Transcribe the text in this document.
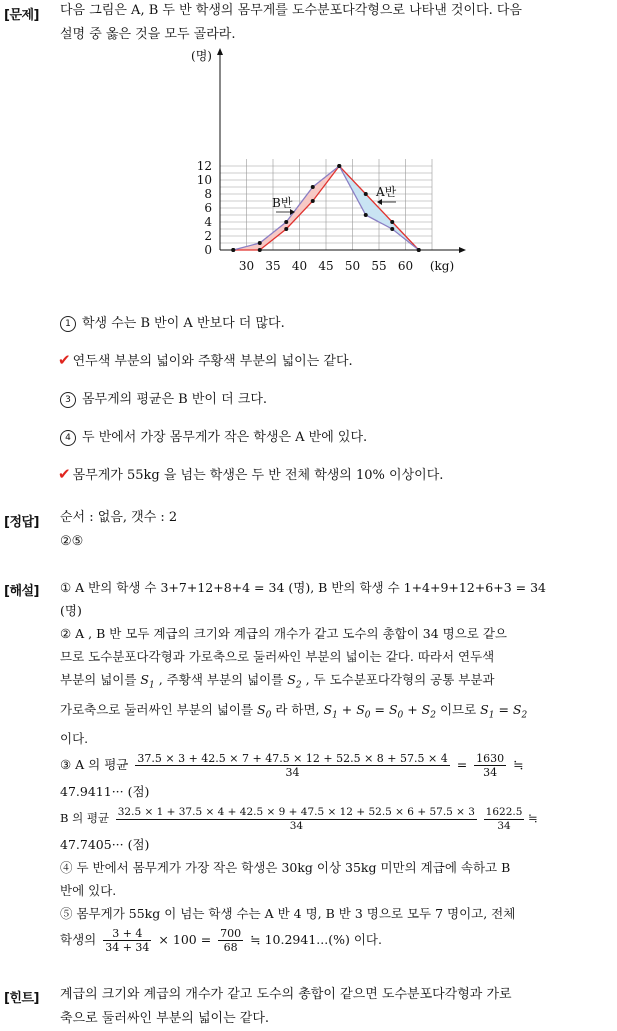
[문제] 다음 그림은 A, B 두 반 학생의 몸무게를 도수분포다각형으로 나타낸 것이다. 다음
설명 중 옳은 것을 모두 골라라.
0
2
4
6
8
10
12
30 35 40 45 50 55 60
(명)
(kg)
B반
A반
1 학생 수는 B 반이 A 반보다 더 많다.
✔ 연두색 부분의 넓이와 주황색 부분의 넓이는 같다.
3 몸무게의 평균은 B 반이 더 크다.
4 두 반에서 가장 몸무게가 작은 학생은 A 반에 있다.
✔ 몸무게가 55kg 을 넘는 학생은 두 반 전체 학생의 10% 이상이다.
[정답] 순서 : 없음, 갯수 : 2
②⑤
[해설] ① A 반의 학생 수 3+7+12+8+4 = 34 (명), B 반의 학생 수 1+4+9+12+6+3 = 34
(명)
② A , B 반 모두 계급의 크기와 계급의 개수가 같고 도수의 총합이 34 명으로 같으
므로 도수분포다각형과 가로축으로 둘러싸인 부분의 넓이는 같다. 따라서 연두색
부분의 넓이를 $S_1$ , 주황색 부분의 넓이를 $S_2$ , 두 도수분포다각형의 공통 부분과
가로축으로 둘러싸인 부분의 넓이를 $S_0$ 라 하면, $S_1 + S_0 = S_0 + S_2$ 이므로 $S_1 = S_2$
이다.
③ A 의 평균 $\frac{37.5 \times 3 + 42.5 \times 7 + 47.5 \times 12 + 52.5 \times 8 + 57.5 \times 4}{34} = \frac{1630}{34}$ ≒
47.9411··· (점)
B 의 평균 32.5 × 1 + 37.5 × 4 + 42.5 × 9 + 47.5 × 12 + 52.5 × 6 + 57.5 × 3
34
	$\frac{1622.5}{34}$ ≒
47.7405··· (점)
④ 두 반에서 몸무게가 가장 작은 학생은 30kg 이상 35kg 미만의 계급에 속하고 B
반에 있다.
⑤ 몸무게가 55kg 이 넘는 학생 수는 A 반 4 명, B 반 3 명으로 모두 7 명이고, 전체
학생의 $\frac{3 + 4}{34 + 34} \times 100 = \frac{700}{68}$ ≒ 10.2941...(%) 이다.
[힌트] 계급의 크기와 계급의 개수가 같고 도수의 총합이 같으면 도수분포다각형과 가로
축으로 둘러싸인 부분의 넓이는 같다.
